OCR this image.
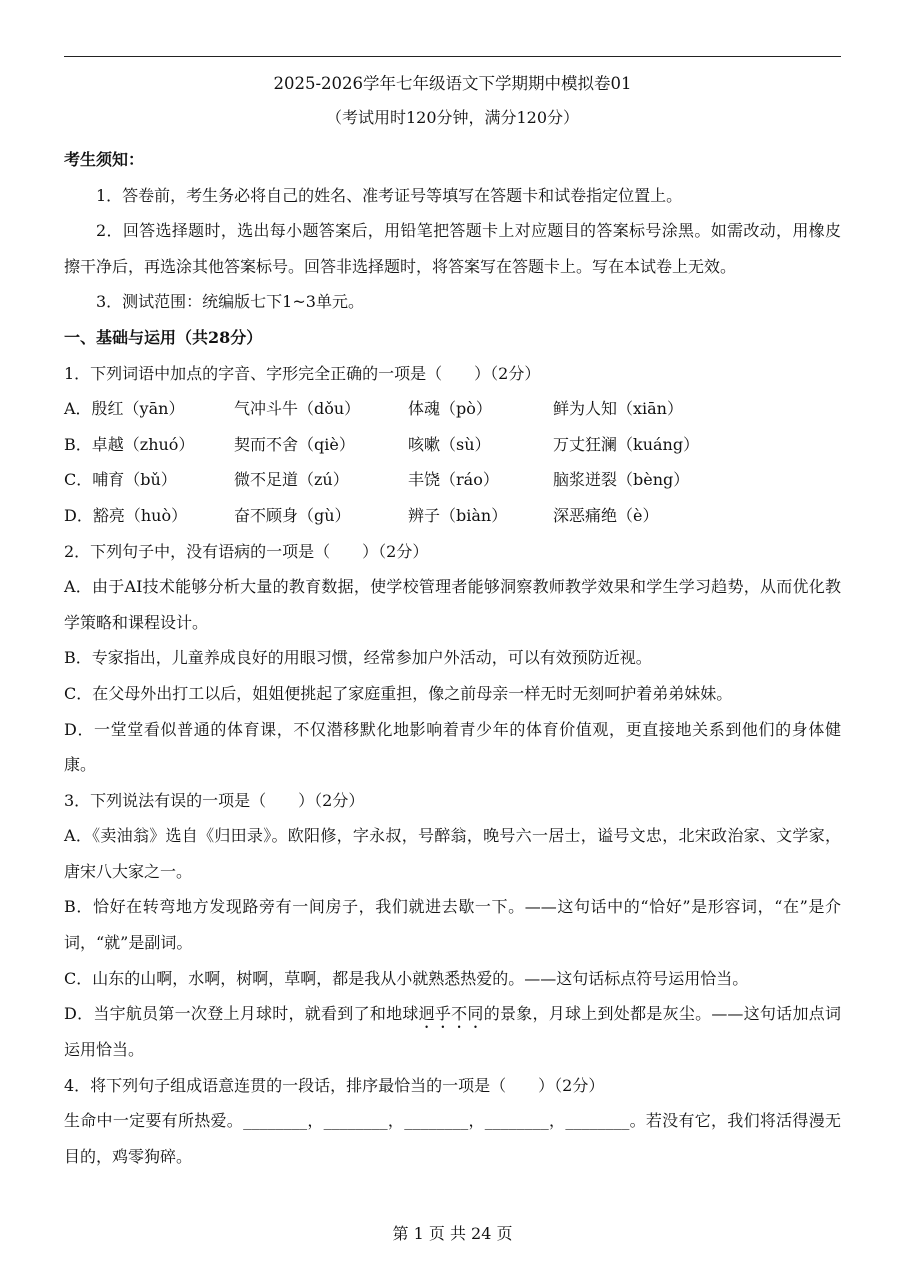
2025-2026学年七年级语文下学期期中模拟卷01
（考试用时120分钟，满分120分）

考生须知：

1．答卷前，考生务必将自己的姓名、准考证号等填写在答题卡和试卷指定位置上。

2．回答选择题时，选出每小题答案后，用铅笔把答题卡上对应题目的答案标号涂黑。如需改动，用橡皮擦干净后，再选涂其他答案标号。回答非选择题时，将答案写在答题卡上。写在本试卷上无效。

3．测试范围：统编版七下1~3单元。

一、基础与运用（共28分）

1．下列词语中加点的字音、字形完全正确的一项是（　　）（2分）

A．殷红（yān）	气冲斗牛（dǒu）	体魂（pò）	鲜为人知（xiān）
B．卓越（zhuó）	契而不舍（qiè）	咳嗽（sù）	万丈狂澜（kuáng）
C．哺育（bǔ）	微不足道（zú）	丰饶（ráo）	脑浆迸裂（bèng）
D．豁亮（huò）	奋不顾身（gù）	辨子（biàn）	深恶痛绝（è）

2．下列句子中，没有语病的一项是（　　）（2分）

A．由于AI技术能够分析大量的教育数据，使学校管理者能够洞察教师教学效果和学生学习趋势，从而优化教学策略和课程设计。

B．专家指出，儿童养成良好的用眼习惯，经常参加户外活动，可以有效预防近视。

C．在父母外出打工以后，姐姐便挑起了家庭重担，像之前母亲一样无时无刻呵护着弟弟妹妹。

D．一堂堂看似普通的体育课，不仅潜移默化地影响着青少年的体育价值观，更直接地关系到他们的身体健康。

3．下列说法有误的一项是（　　）（2分）

A．《卖油翁》选自《归田录》。欧阳修，字永叔，号醉翁，晚号六一居士，谥号文忠，北宋政治家、文学家，唐宋八大家之一。

B．恰好在转弯地方发现路旁有一间房子，我们就进去歇一下。——这句话中的“恰好”是形容词，“在”是介词，“就”是副词。

C．山东的山啊，水啊，树啊，草啊，都是我从小就熟悉热爱的。——这句话标点符号运用恰当。

D．当宇航员第一次登上月球时，就看到了和地球迥乎不同的景象，月球上到处都是灰尘。——这句话加点词运用恰当。

4．将下列句子组成语意连贯的一段话，排序最恰当的一项是（　　）（2分）

生命中一定要有所热爱。________，________，________，________，________。若没有它，我们将活得漫无目的，鸡零狗碎。

第 1 页 共 24 页
